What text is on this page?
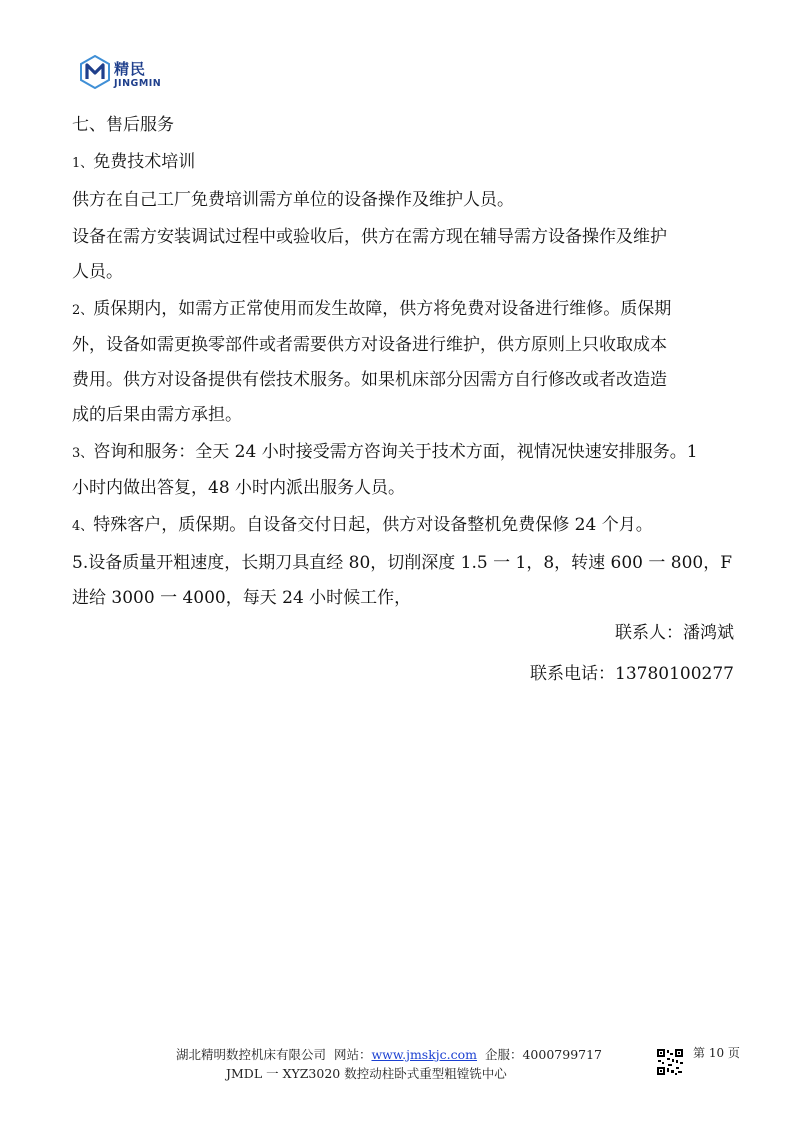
精民
JINGMIN

七、售后服务

1、免费技术培训

供方在自己工厂免费培训需方单位的设备操作及维护人员。

设备在需方安装调试过程中或验收后，供方在需方现在辅导需方设备操作及维护

人员。

2、质保期内，如需方正常使用而发生故障，供方将免费对设备进行维修。质保期

外，设备如需更换零部件或者需要供方对设备进行维护，供方原则上只收取成本

费用。供方对设备提供有偿技术服务。如果机床部分因需方自行修改或者改造造

成的后果由需方承担。

3、咨询和服务：全天 24 小时接受需方咨询关于技术方面，视情况快速安排服务。1

小时内做出答复，48 小时内派出服务人员。

4、特殊客户，质保期。自设备交付日起，供方对设备整机免费保修 24 个月。

5.设备质量开粗速度，长期刀具直经 80，切削深度 1.5 一 1，8，转速 600 一 800，F

进给 3000 一 4000，每天 24 小时候工作，

联系人：潘鸿斌

联系电话：13780100277

湖北精明数控机床有限公司 网站：www.jmskjc.com 企服：4000799717	第 10 页
JMDL 一 XYZ3020 数控动柱卧式重型粗镗铣中心
